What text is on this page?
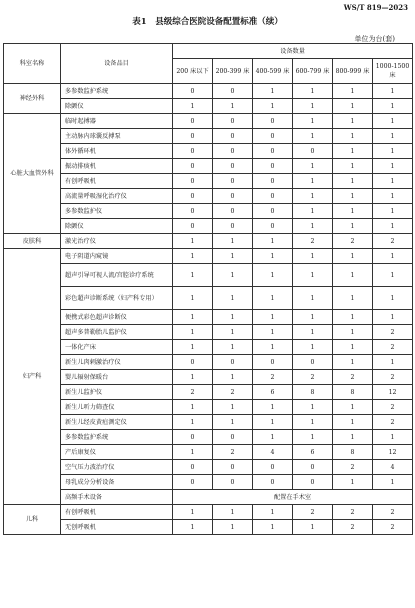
WS/T 819—2023
表1　县级综合医院设备配置标准（续）
单位为台(套)
科室名称	设备品目	设备数量					
		200 床以下	200-399 床	400-599 床	600-799 床	800-999 床	1000-1500 床
神经外科	多参数监护系统	0	0	1	1	1	1
	除颤仪	1	1	1	1	1	1
心脏大血管外科	临时起搏器	0	0	0	1	1	1
	主动脉内球囊反搏泵	0	0	0	1	1	1
	体外循环机	0	0	0	0	1	1
	振动排痰机	0	0	0	1	1	1
	有创呼吸机	0	0	0	1	1	1
	高流量呼吸湿化治疗仪	0	0	0	1	1	1
	多参数监护仪	0	0	0	1	1	1
	除颤仪	0	0	0	1	1	1
皮肤科	激光治疗仪	1	1	1	2	2	2
妇产科	电子阴道内窥镜	1	1	1	1	1	1
	超声引导可视人流/宫腔诊疗系统	1	1	1	1	1	1
	彩色超声诊断系统（妇产科专用）	1	1	1	1	1	1
	便携式彩色超声诊断仪	1	1	1	1	1	1
	超声多普勒胎儿监护仪	1	1	1	1	1	2
	一体化产床	1	1	1	1	1	2
	新生儿肉刺激治疗仪	0	0	0	0	1	1
	婴儿辐射保暖台	1	1	2	2	2	2
	新生儿监护仪	2	2	6	8	8	12
	新生儿听力筛查仪	1	1	1	1	1	2
	新生儿经皮黄疸测定仪	1	1	1	1	1	2
	多参数监护系统	0	0	1	1	1	1
	产后康复仪	1	2	4	6	8	12
	空气压力波治疗仪	0	0	0	0	2	4
	母乳成分分析设备	0	0	0	0	1	1
	高频手术设备	配置在手术室					
儿科	有创呼吸机	1	1	1	2	2	2
	无创呼吸机	1	1	1	1	2	2
